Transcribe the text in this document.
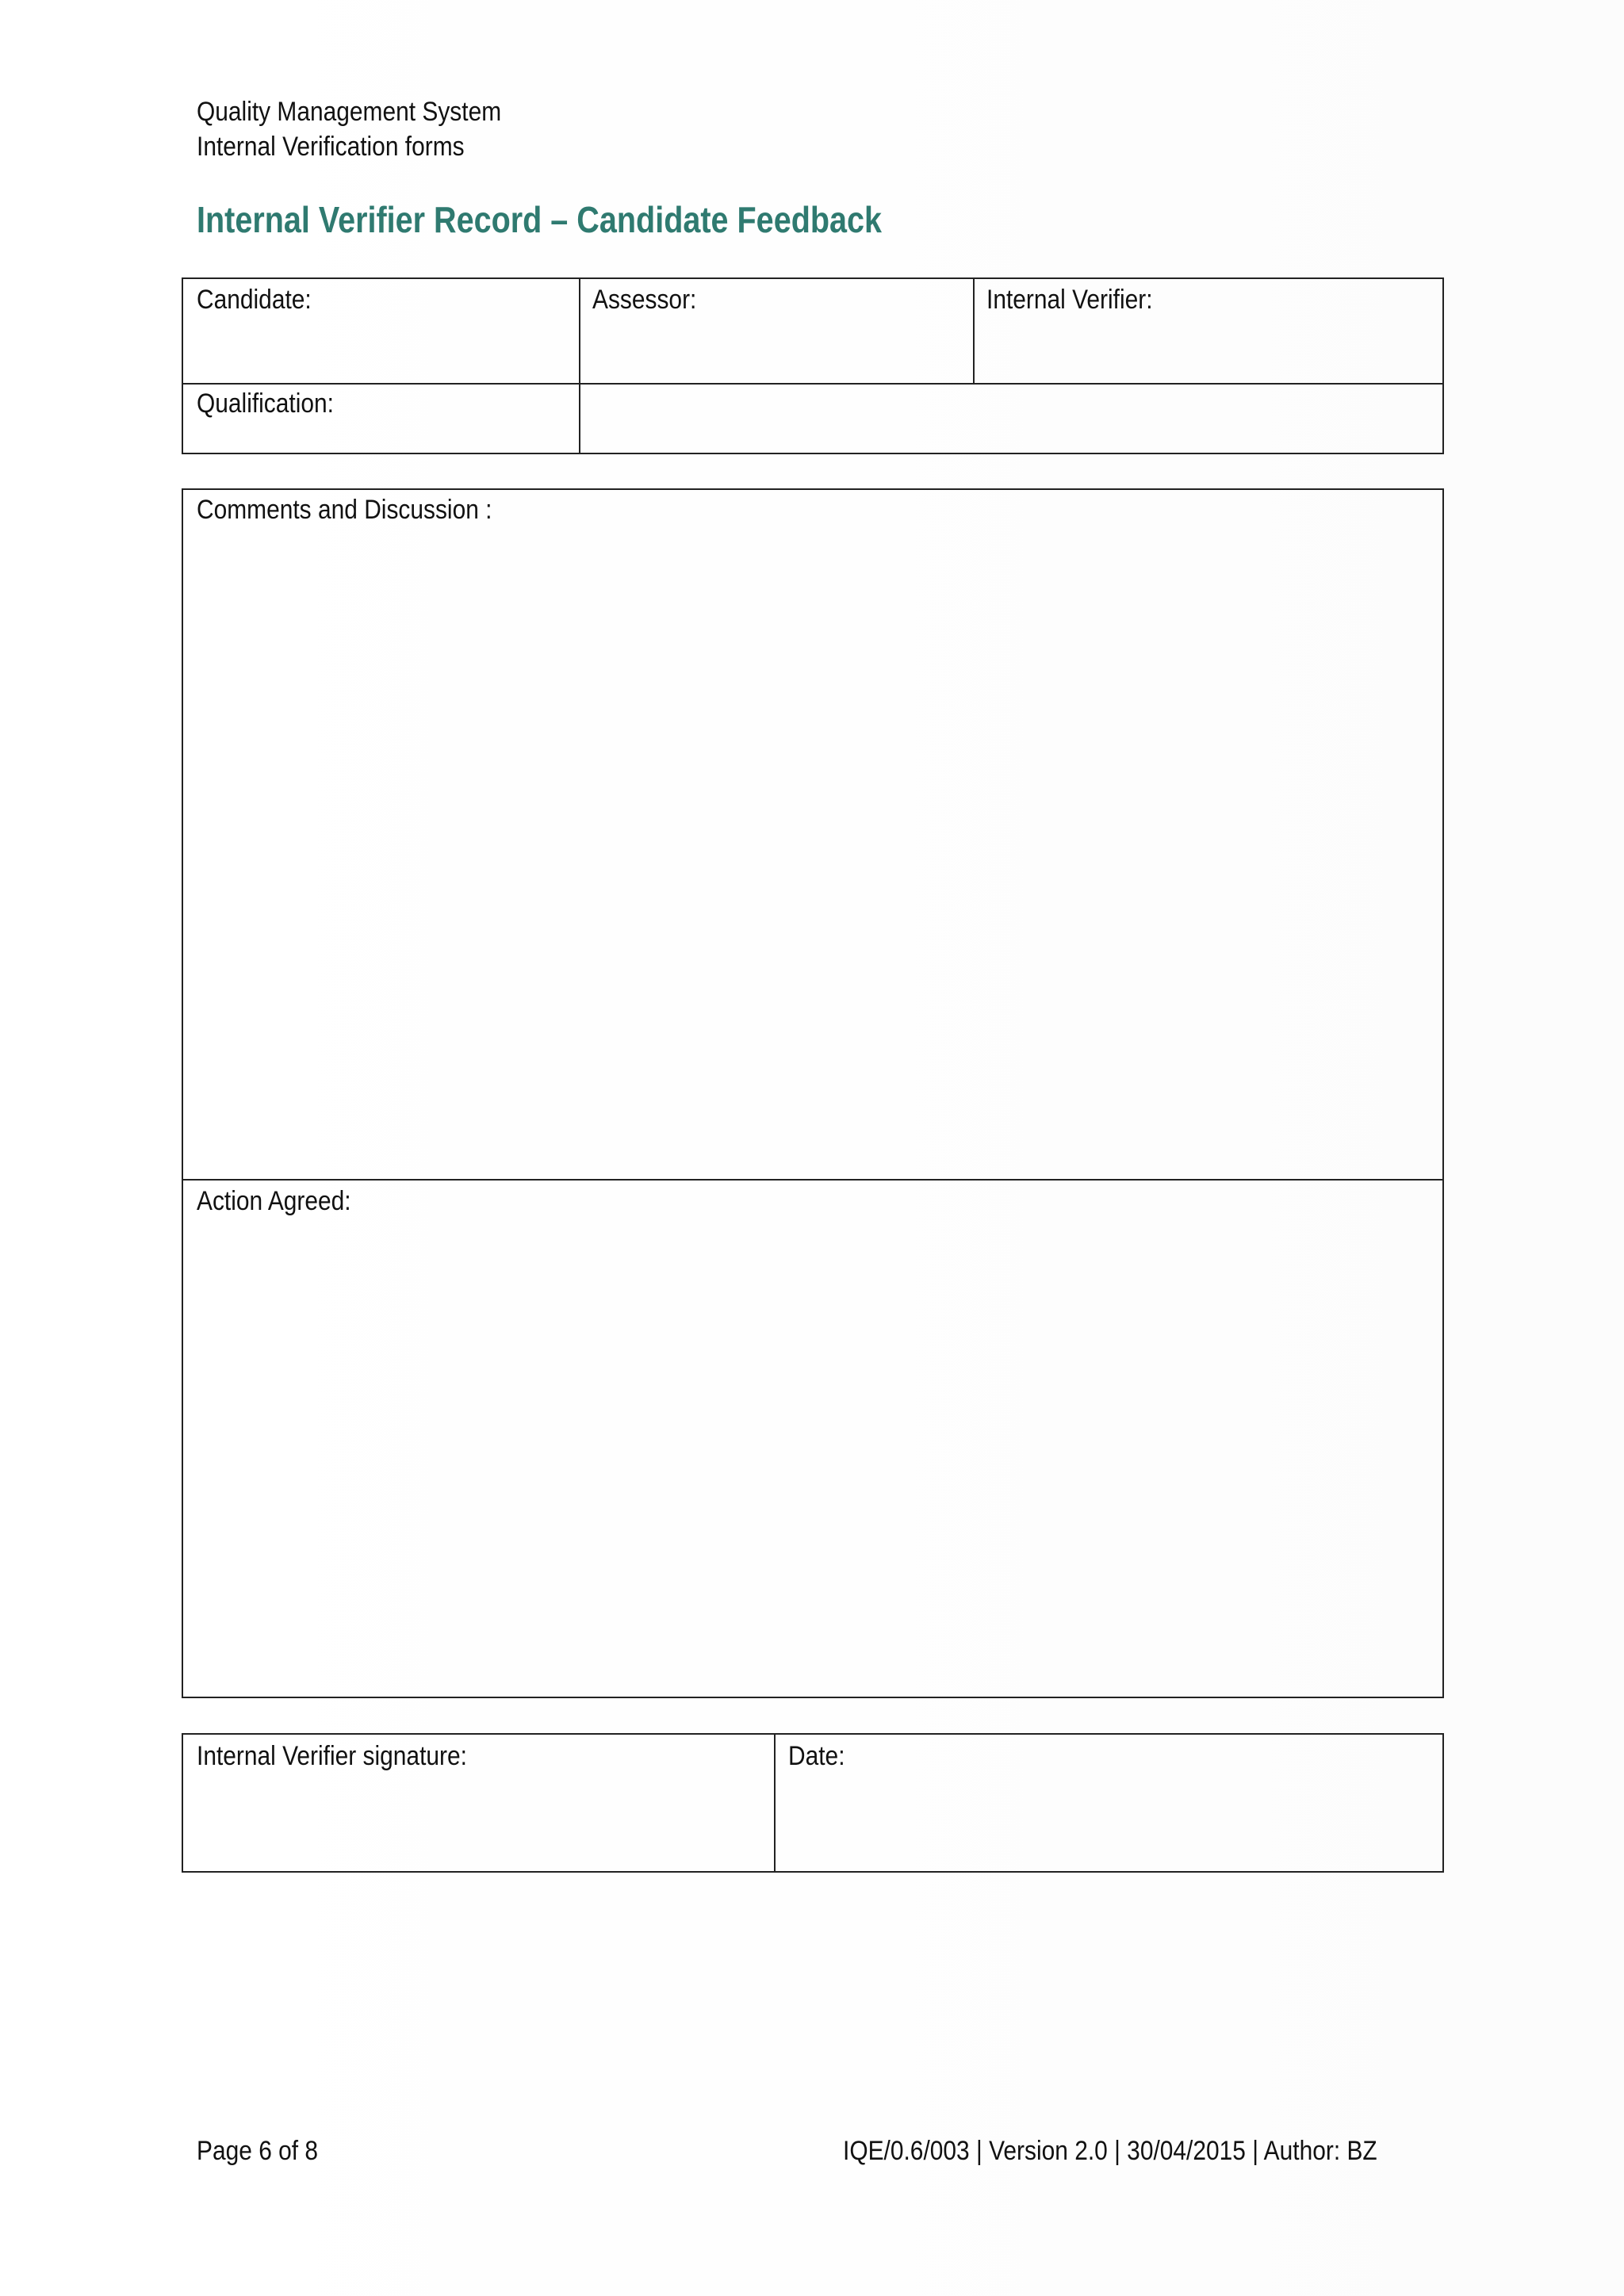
Quality Management System
Internal Verification forms
Internal Verifier Record – Candidate Feedback
Candidate:	Assessor:	Internal Verifier:
Qualification:
Comments and Discussion :
Action Agreed:
Internal Verifier signature:	Date:
Page 6 of 8	IQE/0.6/003 | Version 2.0 | 30/04/2015 | Author: BZ
